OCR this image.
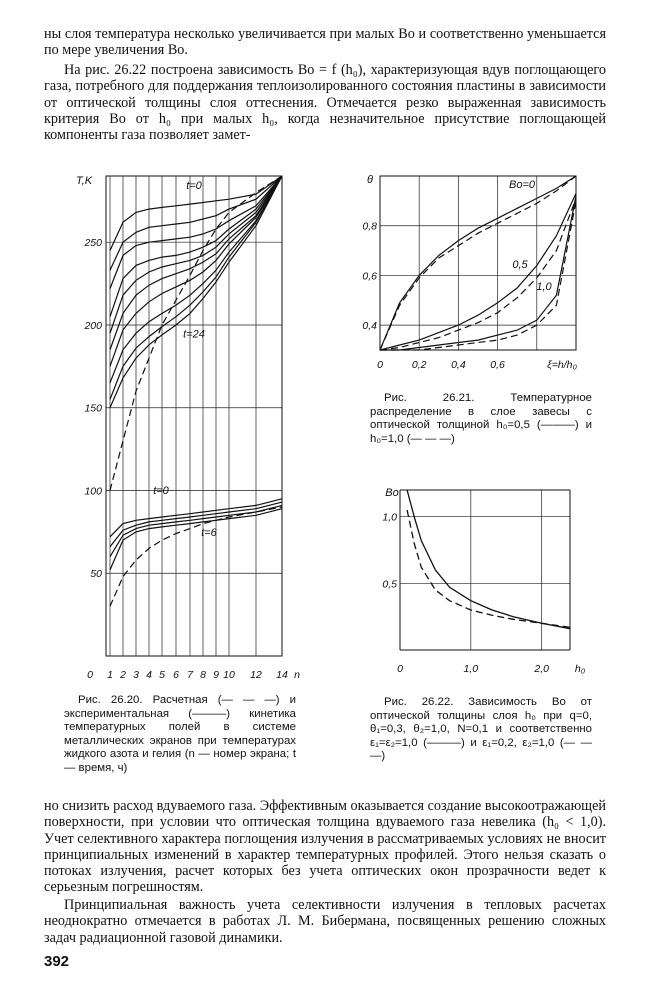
ны слоя температура несколько увеличивается при малых Во и соответственно уменьшается по мере увеличения Во.

На рис. 26.22 построена зависимость Во = f (h₀), характеризующая вдув поглощающего газа, потребного для поддержания теплоизолированного состояния пластины в зависимости от оптической толщины слоя оттеснения. Отмечается резко выраженная зависимость критерия Во от h₀ при малых h₀, когда незначительное присутствие поглощающей компоненты газа позволяет замет-

50
100
150
200
250
T,K
0 1 2 3 4 5 6 7 8 9 10 12 14 n
t=0
t=24
t=0
t=6
0,4
0,6
0,8
θ
0	0,2 0,4 0,6	ξ=h/h₀
Bo=0
0,5
1,0
0,5
1,0
Bo
0	1,0	2,0 h₀

Рис. 26.20. Расчетная (— — —) и экспериментальная (———) кинетика температурных полей в системе металлических экранов при температурах жидкого азота и гелия (n — номер экрана; t — время, ч)

Рис. 26.21. Температурное распределение в слое завесы с оптической толщиной h₀=0,5 (———) и h₀=1,0 (— — —)

Рис. 26.22. Зависимость Во от оптической толщины слоя h₀ при q=0, θ₁=0,3, θ₂=1,0, N=0,1 и соответственно ε₁=ε₂=1,0 (———) и ε₁=0,2, ε₂=1,0 (— — —)

но снизить расход вдуваемого газа. Эффективным оказывается создание высокоотражающей поверхности, при условии что оптическая толщина вдуваемого газа невелика (h₀ < 1,0). Учет селективного характера поглощения излучения в рассматриваемых условиях не вносит принципиальных изменений в характер температурных профилей. Этого нельзя сказать о потоках излучения, расчет которых без учета оптических окон прозрачности ведет к серьезным погрешностям.

Принципиальная важность учета селективности излучения в тепловых расчетах неоднократно отмечается в работах Л. М. Бибермана, посвященных решению сложных задач радиационной газовой динамики.

392
